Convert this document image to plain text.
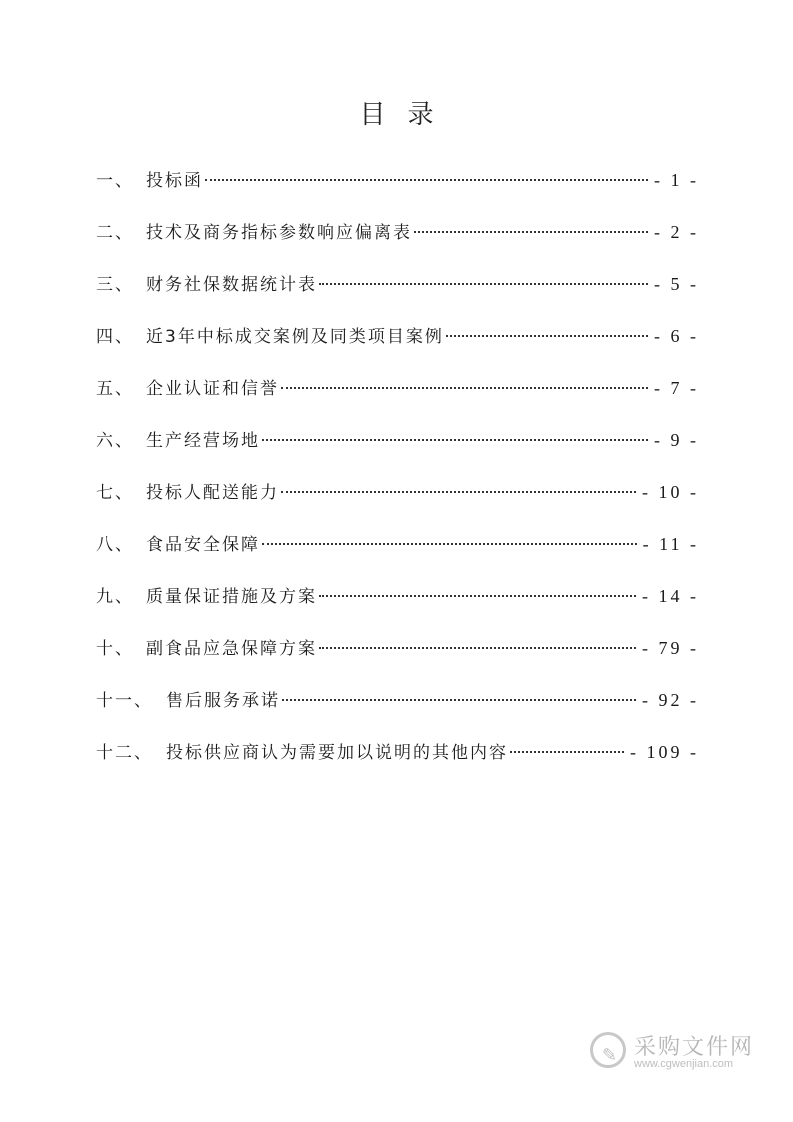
目录
一、 投标函	- 1 -
二、 技术及商务指标参数响应偏离表	- 2 -
三、 财务社保数据统计表	- 5 -
四、 近3年中标成交案例及同类项目案例	- 6 -
五、 企业认证和信誉	- 7 -
六、 生产经营场地	- 9 -
七、 投标人配送能力	- 10 -
八、 食品安全保障	- 11 -
九、 质量保证措施及方案	- 14 -
十、 副食品应急保障方案	- 79 -
十一、 售后服务承诺	- 92 -
十二、 投标供应商认为需要加以说明的其他内容	- 109 -
✎ 采购文件网
www.cgwenjian.com
